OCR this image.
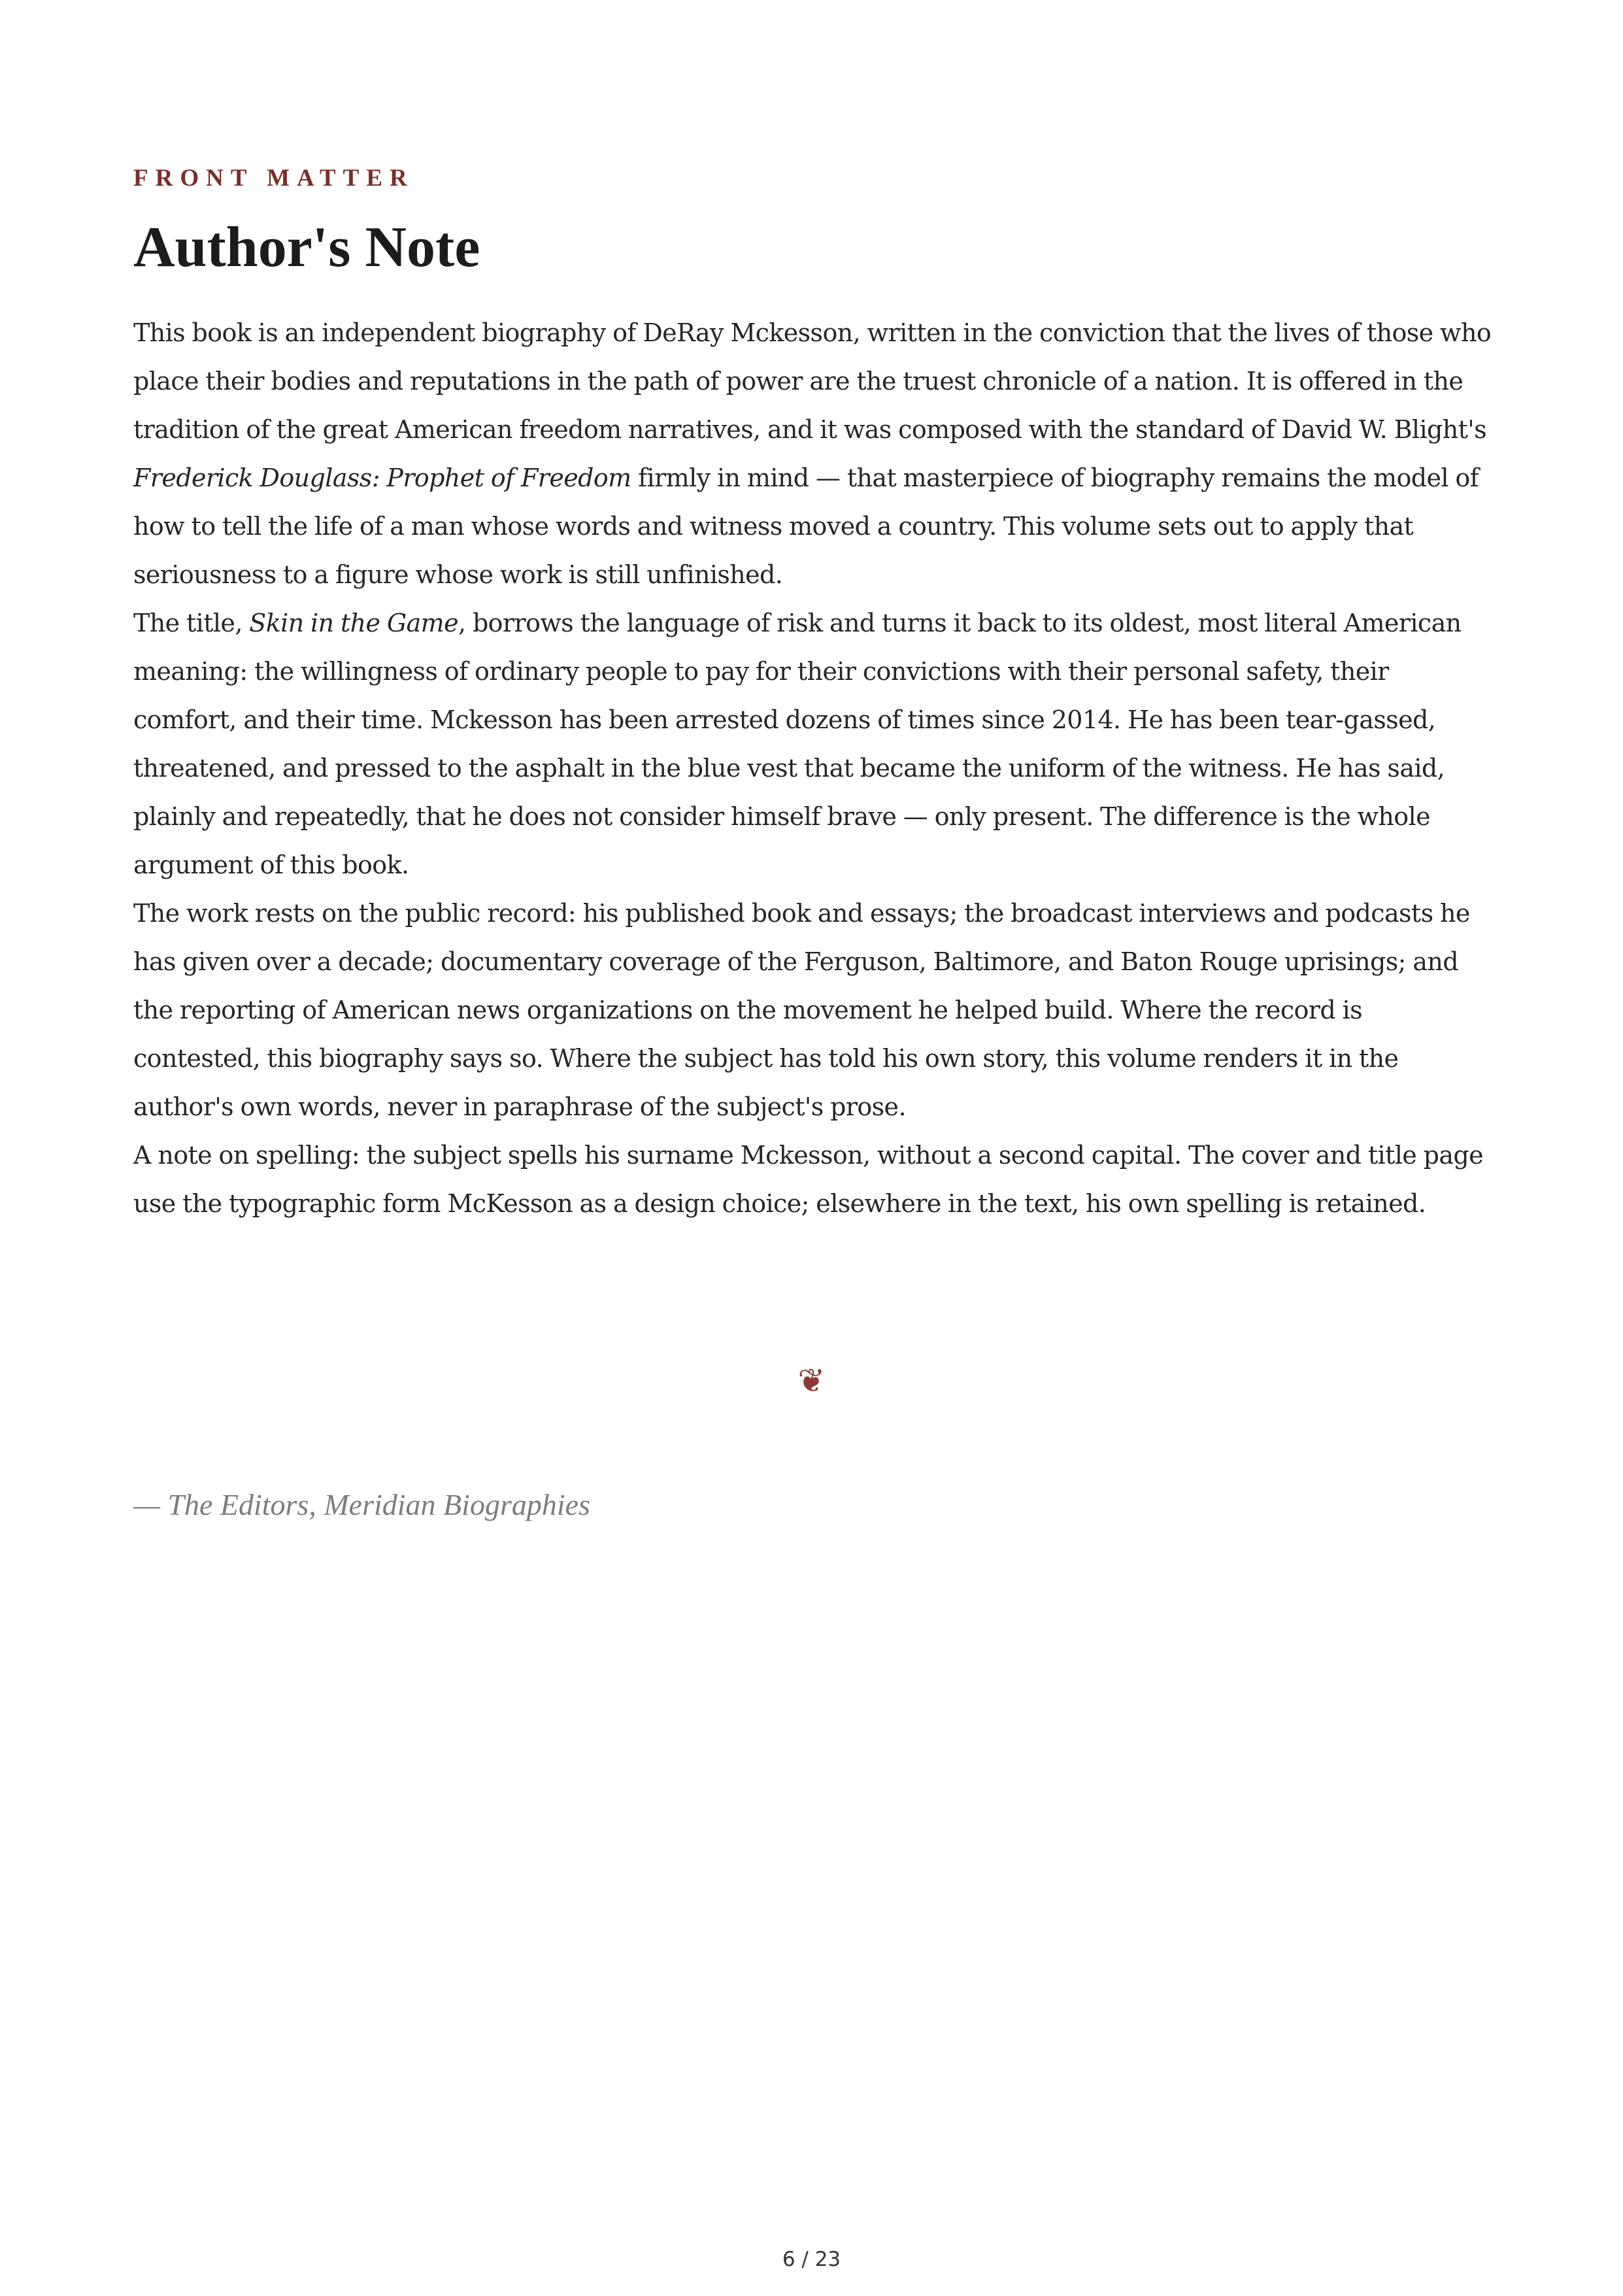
FRONT MATTER

Author's Note

This book is an independent biography of DeRay Mckesson, written in the conviction that the lives of those who place their bodies and reputations in the path of power are the truest chronicle of a nation. It is offered in the tradition of the great American freedom narratives, and it was composed with the standard of David W. Blight's Frederick Douglass: Prophet of Freedom firmly in mind — that masterpiece of biography remains the model of how to tell the life of a man whose words and witness moved a country. This volume sets out to apply that seriousness to a figure whose work is still unfinished.

The title, Skin in the Game, borrows the language of risk and turns it back to its oldest, most literal American meaning: the willingness of ordinary people to pay for their convictions with their personal safety, their comfort, and their time. Mckesson has been arrested dozens of times since 2014. He has been tear-gassed, threatened, and pressed to the asphalt in the blue vest that became the uniform of the witness. He has said, plainly and repeatedly, that he does not consider himself brave — only present. The difference is the whole argument of this book.

The work rests on the public record: his published book and essays; the broadcast interviews and podcasts he has given over a decade; documentary coverage of the Ferguson, Baltimore, and Baton Rouge uprisings; and the reporting of American news organizations on the movement he helped build. Where the record is contested, this biography says so. Where the subject has told his own story, this volume renders it in the author's own words, never in paraphrase of the subject's prose.

A note on spelling: the subject spells his surname Mckesson, without a second capital. The cover and title page use the typographic form McKesson as a design choice; elsewhere in the text, his own spelling is retained.

❦
— The Editors, Meridian Biographies
6 / 23
